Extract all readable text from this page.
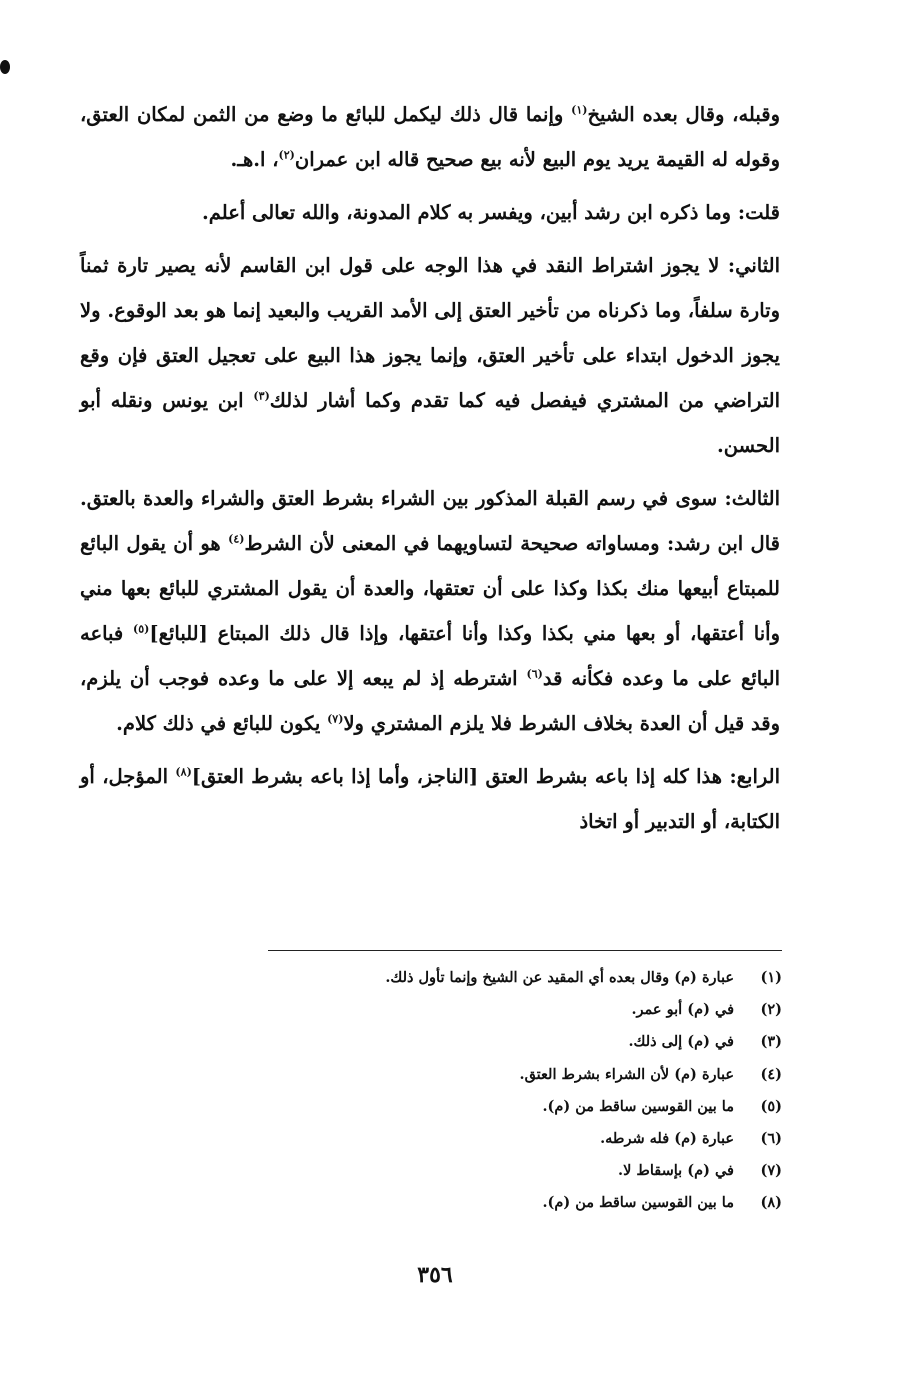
وقبله، وقال بعده الشيخ$^{(١)}$ وإنما قال ذلك ليكمل للبائع ما وضع من الثمن لمكان العتق، وقوله له القيمة يريد يوم البيع لأنه بيع صحيح قاله ابن عمران$^{(٢)}$، ا.هـ.

قلت: وما ذكره ابن رشد أبين، ويفسر به كلام المدونة، والله تعالى أعلم.

الثاني: لا يجوز اشتراط النقد في هذا الوجه على قول ابن القاسم لأنه يصير تارة ثمناً وتارة سلفاً، وما ذكرناه من تأخير العتق إلى الأمد القريب والبعيد إنما هو بعد الوقوع. ولا يجوز الدخول ابتداء على تأخير العتق، وإنما يجوز هذا البيع على تعجيل العتق فإن وقع التراضي من المشتري فيفصل فيه كما تقدم وكما أشار لذلك$^{(٣)}$ ابن يونس ونقله أبو الحسن.

الثالث: سوى في رسم القبلة المذكور بين الشراء بشرط العتق والشراء والعدة بالعتق. قال ابن رشد: ومساواته صحيحة لتساويهما في المعنى لأن الشرط$^{(٤)}$ هو أن يقول البائع للمبتاع أبيعها منك بكذا وكذا على أن تعتقها، والعدة أن يقول المشتري للبائع بعها مني وأنا أعتقها، أو بعها مني بكذا وكذا وأنا أعتقها، وإذا قال ذلك المبتاع [للبائع]$^{(٥)}$ فباعه البائع على ما وعده فكأنه قد$^{(٦)}$ اشترطه إذ لم يبعه إلا على ما وعده فوجب أن يلزم، وقد قيل أن العدة بخلاف الشرط فلا يلزم المشتري ولا$^{(٧)}$ يكون للبائع في ذلك كلام.

الرابع: هذا كله إذا باعه بشرط العتق [الناجز، وأما إذا باعه بشرط العتق]$^{(٨)}$ المؤجل، أو الكتابة، أو التدبير أو اتخاذ

(١)عبارة (م) وقال بعده أي المقيد عن الشيخ وإنما تأول ذلك.
(٢)في (م) أبو عمر.
(٣)في (م) إلى ذلك.
(٤)عبارة (م) لأن الشراء بشرط العتق.
(٥)ما بين القوسين ساقط من (م).
(٦)عبارة (م) فله شرطه.
(٧)في (م) بإسقاط لا.
(٨)ما بين القوسين ساقط من (م).
٣٥٦
